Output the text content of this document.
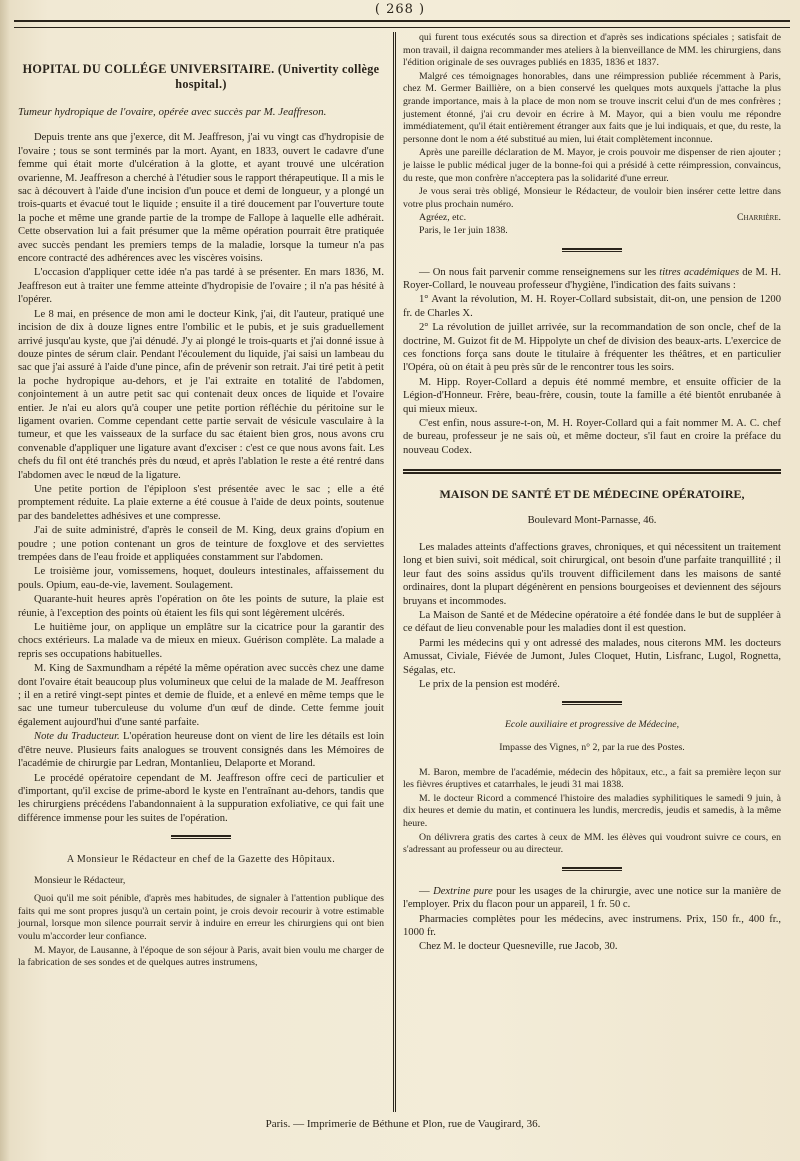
( 268 )
HOPITAL DU COLLÉGE UNIVERSITAIRE. (Univertity collège hospital.)

Tumeur hydropique de l'ovaire, opérée avec succès par M. Jeaffreson.

Depuis trente ans que j'exerce, dit M. Jeaffreson, j'ai vu vingt cas d'hydropisie de l'ovaire ; tous se sont terminés par la mort. Ayant, en 1833, ouvert le cadavre d'une femme qui était morte d'ulcération à la glotte, et ayant trouvé une ulcération ovarienne, M. Jeaffreson a cherché à l'étudier sous le rapport thérapeutique. Il a mis le sac à découvert à l'aide d'une incision d'un pouce et demi de longueur, y a plongé un trois-quarts et évacué tout le liquide ; ensuite il a tiré doucement par l'ouverture toute la poche et même une grande partie de la trompe de Fallope à laquelle elle adhérait. Cette observation lui a fait présumer que la même opération pourrait être pratiquée avec succès pendant les premiers temps de la maladie, lorsque la tumeur n'a pas encore contracté des adhérences avec les viscères voisins.

L'occasion d'appliquer cette idée n'a pas tardé à se présenter. En mars 1836, M. Jeaffreson eut à traiter une femme atteinte d'hydropisie de l'ovaire ; il n'a pas hésité à l'opérer.

Le 8 mai, en présence de mon ami le docteur Kink, j'ai, dit l'auteur, pratiqué une incision de dix à douze lignes entre l'ombilic et le pubis, et je suis graduellement arrivé jusqu'au kyste, que j'ai dénudé. J'y ai plongé le trois-quarts et j'ai donné issue à douze pintes de sérum clair. Pendant l'écoulement du liquide, j'ai saisi un lambeau du sac que j'ai assuré à l'aide d'une pince, afin de prévenir son retrait. J'ai tiré petit à petit la poche hydropique au-dehors, et je l'ai extraite en totalité de l'abdomen, conjointement à un autre petit sac qui contenait deux onces de liquide et l'ovaire entier. Je n'ai eu alors qu'à couper une petite portion réfléchie du péritoine sur le ligament ovarien. Comme cependant cette partie servait de vésicule vasculaire à la tumeur, et que les vaisseaux de la surface du sac étaient bien gros, nous avons cru convenable d'appliquer une ligature avant d'exciser : c'est ce que nous avons fait. Les chefs du fil ont été tranchés près du nœud, et après l'ablation le reste a été rentré dans l'abdomen avec le nœud de la ligature.

Une petite portion de l'épiploon s'est présentée avec le sac ; elle a été promptement réduite. La plaie externe a été cousue à l'aide de deux points, soutenue par des bandelettes adhésives et une compresse.

J'ai de suite administré, d'après le conseil de M. King, deux grains d'opium en poudre ; une potion contenant un gros de teinture de foxglove et des serviettes trempées dans de l'eau froide et appliquées constamment sur l'abdomen.

Le troisième jour, vomissemens, hoquet, douleurs intestinales, affaissement du pouls. Opium, eau-de-vie, lavement. Soulagement.

Quarante-huit heures après l'opération on ôte les points de suture, la plaie est réunie, à l'exception des points où étaient les fils qui sont légèrement ulcérés.

Le huitième jour, on applique un emplâtre sur la cicatrice pour la garantir des chocs extérieurs. La malade va de mieux en mieux. Guérison complète. La malade a repris ses occupations habituelles.

M. King de Saxmundham a répété la même opération avec succès chez une dame dont l'ovaire était beaucoup plus volumineux que celui de la malade de M. Jeaffreson ; il en a retiré vingt-sept pintes et demie de fluide, et a enlevé en même temps que le sac une tumeur tuberculeuse du volume d'un œuf de dinde. Cette femme jouit également aujourd'hui d'une santé parfaite.

Note du Traducteur. L'opération heureuse dont on vient de lire les détails est loin d'être neuve. Plusieurs faits analogues se trouvent consignés dans les Mémoires de l'académie de chirurgie par Ledran, Montanlieu, Delaporte et Morand.

Le procédé opératoire cependant de M. Jeaffreson offre ceci de particulier et d'important, qu'il excise de prime-abord le kyste en l'entraînant au-dehors, tandis que les chirurgiens précédens l'abandonnaient à la suppuration exfoliative, ce qui fait une différence immense pour les suites de l'opération.

A Monsieur le Rédacteur en chef de la Gazette des Hôpitaux.

Monsieur le Rédacteur,

Quoi qu'il me soit pénible, d'après mes habitudes, de signaler à l'attention publique des faits qui me sont propres jusqu'à un certain point, je crois devoir recourir à votre estimable journal, lorsque mon silence pourrait servir à induire en erreur les chirurgiens qui ont bien voulu m'accorder leur confiance.

M. Mayor, de Lausanne, à l'époque de son séjour à Paris, avait bien voulu me charger de la fabrication de ses sondes et de quelques autres instrumens,

qui furent tous exécutés sous sa direction et d'après ses indications spéciales ; satisfait de mon travail, il daigna recommander mes ateliers à la bienveillance de MM. les chirurgiens, dans l'édition originale de ses ouvrages publiés en 1835, 1836 et 1837.

Malgré ces témoignages honorables, dans une réimpression publiée récemment à Paris, chez M. Germer Baillière, on a bien conservé les quelques mots auxquels j'attache la plus grande importance, mais à la place de mon nom se trouve inscrit celui d'un de mes confrères ; justement étonné, j'ai cru devoir en écrire à M. Mayor, qui a bien voulu me répondre immédiatement, qu'il était entièrement étranger aux faits que je lui indiquais, et que, du reste, la personne dont le nom a été substitué au mien, lui était complètement inconnue.

Après une pareille déclaration de M. Mayor, je crois pouvoir me dispenser de rien ajouter ; je laisse le public médical juger de la bonne-foi qui a présidé à cette réimpression, convaincus, du reste, que mon confrère n'acceptera pas la solidarité d'une erreur.

Je vous serai très obligé, Monsieur le Rédacteur, de vouloir bien insérer cette lettre dans votre plus prochain numéro.

Agréez, etc.	Charrière.

Paris, le 1er juin 1838.

— On nous fait parvenir comme renseignemens sur les titres académiques de M. H. Royer-Collard, le nouveau professeur d'hygiène, l'indication des faits suivans :

1° Avant la révolution, M. H. Royer-Collard subsistait, dit-on, une pension de 1200 fr. de Charles X.

2° La révolution de juillet arrivée, sur la recommandation de son oncle, chef de la doctrine, M. Guizot fit de M. Hippolyte un chef de division des beaux-arts. L'exercice de ces fonctions força sans doute le titulaire à fréquenter les théâtres, et en particulier l'Opéra, où on était à peu près sûr de le rencontrer tous les soirs.

M. Hipp. Royer-Collard a depuis été nommé membre, et ensuite officier de la Légion-d'Honneur. Frère, beau-frère, cousin, toute la famille a été bientôt enrubanée à qui mieux mieux.

C'est enfin, nous assure-t-on, M. H. Royer-Collard qui a fait nommer M. A. C. chef de bureau, professeur je ne sais où, et même docteur, s'il faut en croire la préface du nouveau Codex.

MAISON DE SANTÉ ET DE MÉDECINE OPÉRATOIRE,

Boulevard Mont-Parnasse, 46.

Les malades atteints d'affections graves, chroniques, et qui nécessitent un traitement long et bien suivi, soit médical, soit chirurgical, ont besoin d'une parfaite tranquillité ; il leur faut des soins assidus qu'ils trouvent difficilement dans les maisons de santé ordinaires, dont la plupart dégénèrent en pensions bourgeoises et deviennent des séjours bruyans et incommodes.

La Maison de Santé et de Médecine opératoire a été fondée dans le but de suppléer à ce défaut de lieu convenable pour les maladies dont il est question.

Parmi les médecins qui y ont adressé des malades, nous citerons MM. les docteurs Amussat, Civiale, Fiévée de Jumont, Jules Cloquet, Hutin, Lisfranc, Lugol, Rognetta, Ségalas, etc.

Le prix de la pension est modéré.

Ecole auxiliaire et progressive de Médecine,

Impasse des Vignes, n° 2, par la rue des Postes.

M. Baron, membre de l'académie, médecin des hôpitaux, etc., a fait sa première leçon sur les fièvres éruptives et catarrhales, le jeudi 31 mai 1838.

M. le docteur Ricord a commencé l'histoire des maladies syphilitiques le samedi 9 juin, à dix heures et demie du matin, et continuera les lundis, mercredis, jeudis et samedis, à la même heure.

On délivrera gratis des cartes à ceux de MM. les élèves qui voudront suivre ce cours, en s'adressant au professeur ou au directeur.

— Dextrine pure pour les usages de la chirurgie, avec une notice sur la manière de l'employer. Prix du flacon pour un appareil, 1 fr. 50 c.

Pharmacies complètes pour les médecins, avec instrumens. Prix, 150 fr., 400 fr., 1000 fr.

Chez M. le docteur Quesneville, rue Jacob, 30.

Paris. — Imprimerie de Béthune et Plon, rue de Vaugirard, 36.
